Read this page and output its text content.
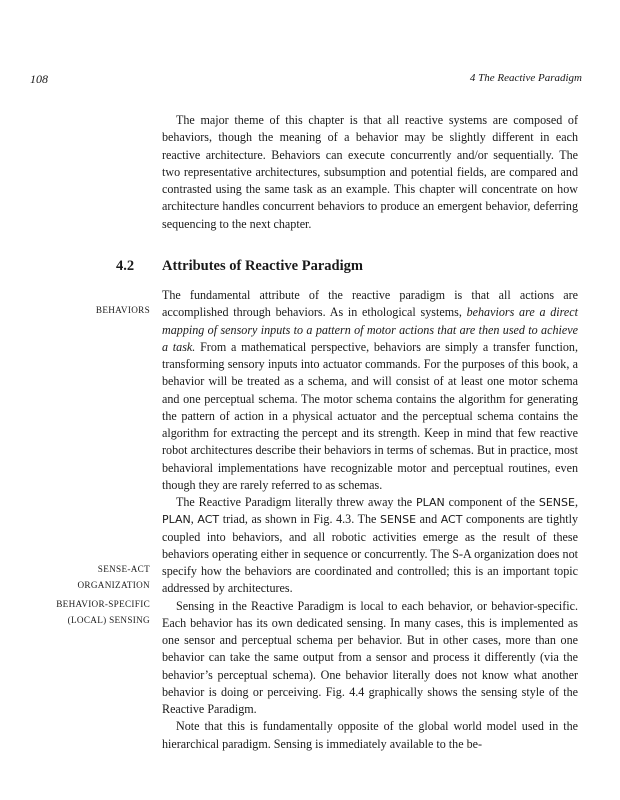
108	4 The Reactive Paradigm

The major theme of this chapter is that all reactive systems are composed of behaviors, though the meaning of a behavior may be slightly different in each reactive architecture. Behaviors can execute concurrently and/or sequentially. The two representative architectures, subsumption and potential fields, are compared and contrasted using the same task as an example. This chapter will concentrate on how architecture handles concurrent behaviors to produce an emergent behavior, deferring sequencing to the next chapter.

4.2 Attributes of Reactive Paradigm
BEHAVIORS
SENSE-ACT
ORGANIZATION
BEHAVIOR-SPECIFIC
(LOCAL) SENSING

The fundamental attribute of the reactive paradigm is that all actions are accomplished through behaviors. As in ethological systems, behaviors are a direct mapping of sensory inputs to a pattern of motor actions that are then used to achieve a task. From a mathematical perspective, behaviors are simply a transfer function, transforming sensory inputs into actuator commands. For the purposes of this book, a behavior will be treated as a schema, and will consist of at least one motor schema and one perceptual schema. The motor schema contains the algorithm for generating the pattern of action in a physical actuator and the perceptual schema contains the algorithm for extracting the percept and its strength. Keep in mind that few reactive robot architectures describe their behaviors in terms of schemas. But in practice, most behavioral implementations have recognizable motor and perceptual routines, even though they are rarely referred to as schemas.

The Reactive Paradigm literally threw away the PLAN component of the SENSE, PLAN, ACT triad, as shown in Fig. 4.3. The SENSE and ACT components are tightly coupled into behaviors, and all robotic activities emerge as the result of these behaviors operating either in sequence or concurrently. The S-A organization does not specify how the behaviors are coordinated and controlled; this is an important topic addressed by architectures.

Sensing in the Reactive Paradigm is local to each behavior, or behavior-specific. Each behavior has its own dedicated sensing. In many cases, this is implemented as one sensor and perceptual schema per behavior. But in other cases, more than one behavior can take the same output from a sensor and process it differently (via the behavior’s perceptual schema). One behavior literally does not know what another behavior is doing or perceiving. Fig. 4.4 graphically shows the sensing style of the Reactive Paradigm.

Note that this is fundamentally opposite of the global world model used in the hierarchical paradigm. Sensing is immediately available to the be-
